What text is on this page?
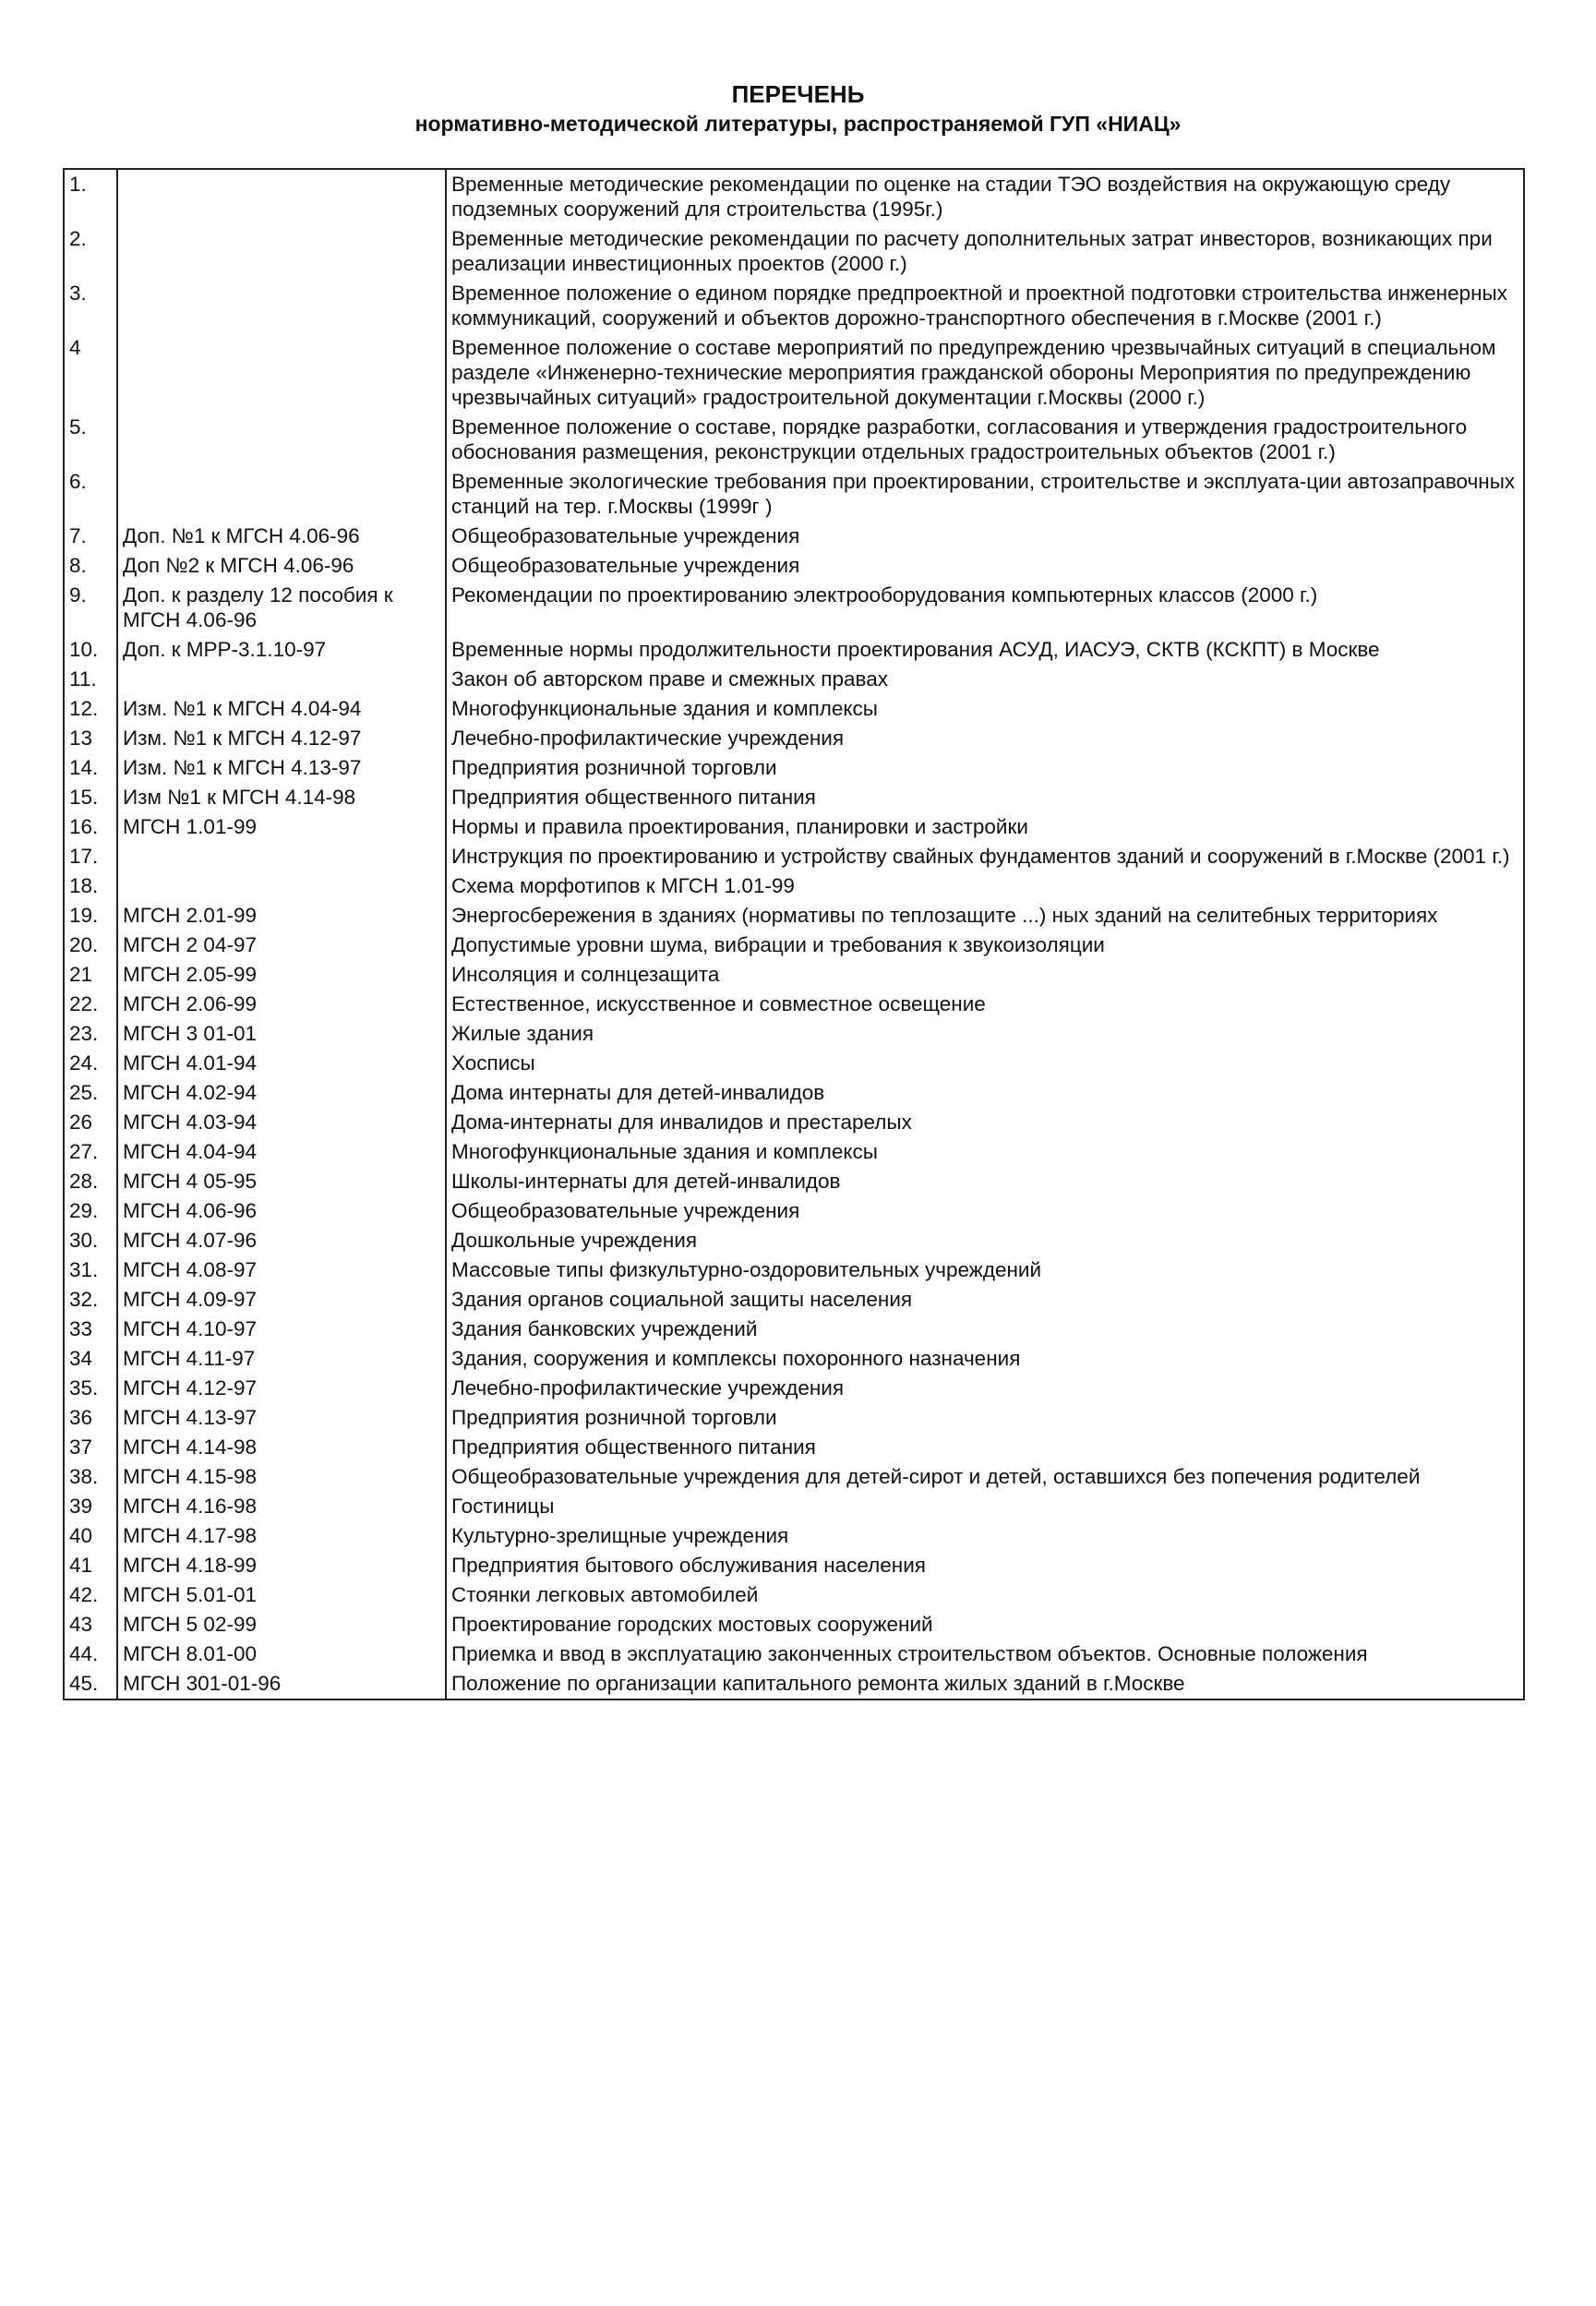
ПЕРЕЧЕНЬ
нормативно-методической литературы, распространяемой ГУП «НИАЦ»
1.		Временные методические рекомендации по оценке на стадии ТЭО воздействия на окружающую среду подземных сооружений для строительства (1995г.)
2.		Временные методические рекомендации по расчету дополнительных затрат инвесторов, возникающих при реализации инвестиционных проектов (2000 г.)
3.		Временное положение о едином порядке предпроектной и проектной подготовки строительства инженерных коммуникаций, сооружений и объектов дорожно-транспортного обеспечения в г.Москве (2001 г.)
4		Временное положение о составе мероприятий по предупреждению чрезвычайных ситуаций в специальном разделе «Инженерно-технические мероприятия гражданской обороны Мероприятия по предупреждению чрезвычайных ситуаций» градостроительной документации г.Москвы (2000 г.)
5.		Временное положение о составе, порядке разработки, согласования и утверждения градостроительного обоснования размещения, реконструкции отдельных градостроительных объектов (2001 г.)
6.		Временные экологические требования при проектировании, строительстве и эксплуата-ции автозаправочных станций на тер. г.Москвы (1999г )
7.	Доп. №1 к МГСН 4.06-96	Общеобразовательные учреждения
8.	Доп №2 к МГСН 4.06-96	Общеобразовательные учреждения
9.	Доп. к разделу 12 пособия к МГСН 4.06-96	Рекомендации по проектированию электрооборудования компьютерных классов (2000 г.)
10.	Доп. к МРР-3.1.10-97	Временные нормы продолжительности проектирования АСУД, ИАСУЭ, СКТВ (КСКПТ) в Москве
11.		Закон об авторском праве и смежных правах
12.	Изм. №1 к МГСН 4.04-94	Многофункциональные здания и комплексы
13	Изм. №1 к МГСН 4.12-97	Лечебно-профилактические учреждения
14.	Изм. №1 к МГСН 4.13-97	Предприятия розничной торговли
15.	Изм №1 к МГСН 4.14-98	Предприятия общественного питания
16.	МГСН 1.01-99	Нормы и правила проектирования, планировки и застройки
17.		Инструкция по проектированию и устройству свайных фундаментов зданий и сооружений в г.Москве (2001 г.)
18.		Схема морфотипов к МГСН 1.01-99
19.	МГСН 2.01-99	Энергосбережения в зданиях (нормативы по теплозащите ...) ных зданий на селитебных территориях
20.	МГСН 2 04-97	Допустимые уровни шума, вибрации и требования к звукоизоляции
21	МГСН 2.05-99	Инсоляция и солнцезащита
22.	МГСН 2.06-99	Естественное, искусственное и совместное освещение
23.	МГСН 3 01-01	Жилые здания
24.	МГСН 4.01-94	Хосписы
25.	МГСН 4.02-94	Дома интернаты для детей-инвалидов
26	МГСН 4.03-94	Дома-интернаты для инвалидов и престарелых
27.	МГСН 4.04-94	Многофункциональные здания и комплексы
28.	МГСН 4 05-95	Школы-интернаты для детей-инвалидов
29.	МГСН 4.06-96	Общеобразовательные учреждения
30.	МГСН 4.07-96	Дошкольные учреждения
31.	МГСН 4.08-97	Массовые типы физкультурно-оздоровительных учреждений
32.	МГСН 4.09-97	Здания органов социальной защиты населения
33	МГСН 4.10-97	Здания банковских учреждений
34	МГСН 4.11-97	Здания, сооружения и комплексы похоронного назначения
35.	МГСН 4.12-97	Лечебно-профилактические учреждения
36	МГСН 4.13-97	Предприятия розничной торговли
37	МГСН 4.14-98	Предприятия общественного питания
38.	МГСН 4.15-98	Общеобразовательные учреждения для детей-сирот и детей, оставшихся без попечения родителей
39	МГСН 4.16-98	Гостиницы
40	МГСН 4.17-98	Культурно-зрелищные учреждения
41	МГСН 4.18-99	Предприятия бытового обслуживания населения
42.	МГСН 5.01-01	Стоянки легковых автомобилей
43	МГСН 5 02-99	Проектирование городских мостовых сооружений
44.	МГСН 8.01-00	Приемка и ввод в эксплуатацию законченных строительством объектов. Основные положения
45.	МГСН 301-01-96	Положение по организации капитального ремонта жилых зданий в г.Москве
